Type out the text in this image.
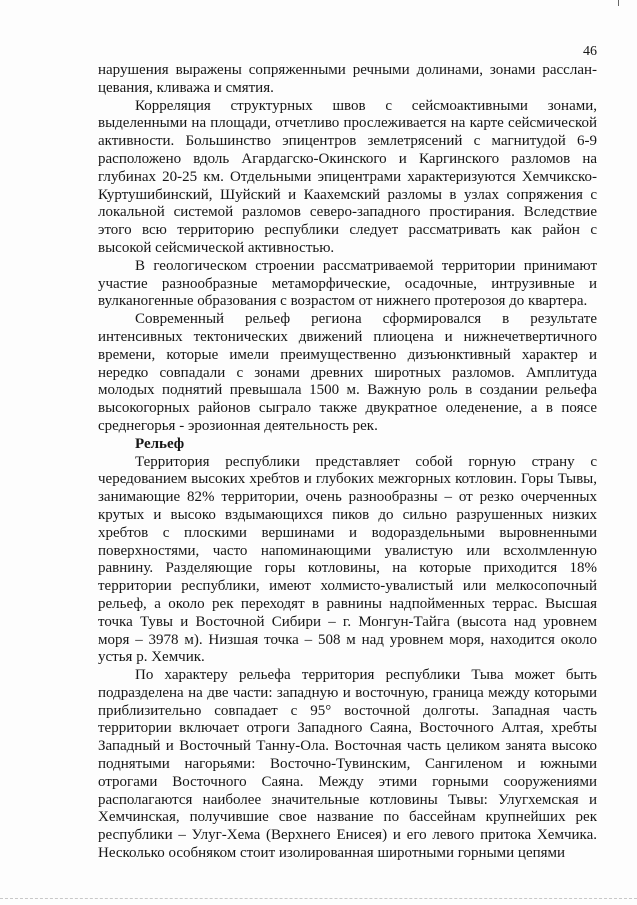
46

нарушения выражены сопряженными речными долинами, зонами рассланцевания, кливажа и смятия.

Корреляция структурных швов с сейсмоактивными зонами, выделенными на площади, отчетливо прослеживается на карте сейсмической активности. Большинство эпицентров землетрясений с магнитудой 6-9 расположено вдоль Агардагско-Окинского и Каргинского разломов на глубинах 20-25 км. Отдельными эпицентрами характеризуются Хемчикско-Куртушибинский, Шуйский и Каахемский разломы в узлах сопряжения с локальной системой разломов северо-западного простирания. Вследствие этого всю территорию республики следует рассматривать как район с высокой сейсмической активностью.

В геологическом строении рассматриваемой территории принимают участие разнообразные метаморфические, осадочные, интрузивные и вулканогенные образования с возрастом от нижнего протерозоя до квартера.

Современный рельеф региона сформировался в результате интенсивных тектонических движений плиоцена и нижнечетвертичного времени, которые имели преимущественно дизъюнктивный характер и нередко совпадали с зонами древних широтных разломов. Амплитуда молодых поднятий превышала 1500 м. Важную роль в создании рельефа высокогорных районов сыграло также двукратное оледенение, а в поясе среднегорья - эрозионная деятельность рек.

Рельеф

Территория республики представляет собой горную страну с чередованием высоких хребтов и глубоких межгорных котловин. Горы Тывы, занимающие 82% территории, очень разнообразны – от резко очерченных крутых и высоко вздымающихся пиков до сильно разрушенных низких хребтов с плоскими вершинами и водораздельными выровненными поверхностями, часто напоминающими увалистую или всхолмленную равнину. Разделяющие горы котловины, на которые приходится 18% территории республики, имеют холмисто-увалистый или мелкосопочный рельеф, а около рек переходят в равнины надпойменных террас. Высшая точка Тувы и Восточной Сибири – г. Монгун-Тайга (высота над уровнем моря – 3978 м). Низшая точка – 508 м над уровнем моря, находится около устья р. Хемчик.

По характеру рельефа территория республики Тыва может быть подразделена на две части: западную и восточную, граница между которыми приблизительно совпадает с 95° восточной долготы. Западная часть территории включает отроги Западного Саяна, Восточного Алтая, хребты Западный и Восточный Танну-Ола. Восточная часть целиком занята высоко поднятыми нагорьями: Восточно-Тувинским, Сангиленом и южными отрогами Восточного Саяна. Между этими горными сооружениями располагаются наиболее значительные котловины Тывы: Улугхемская и Хемчинская, получившие свое название по бассейнам крупнейших рек республики – Улуг-Хема (Верхнего Енисея) и его левого притока Хемчика. Несколько особняком стоит изолированная широтными горными цепями
